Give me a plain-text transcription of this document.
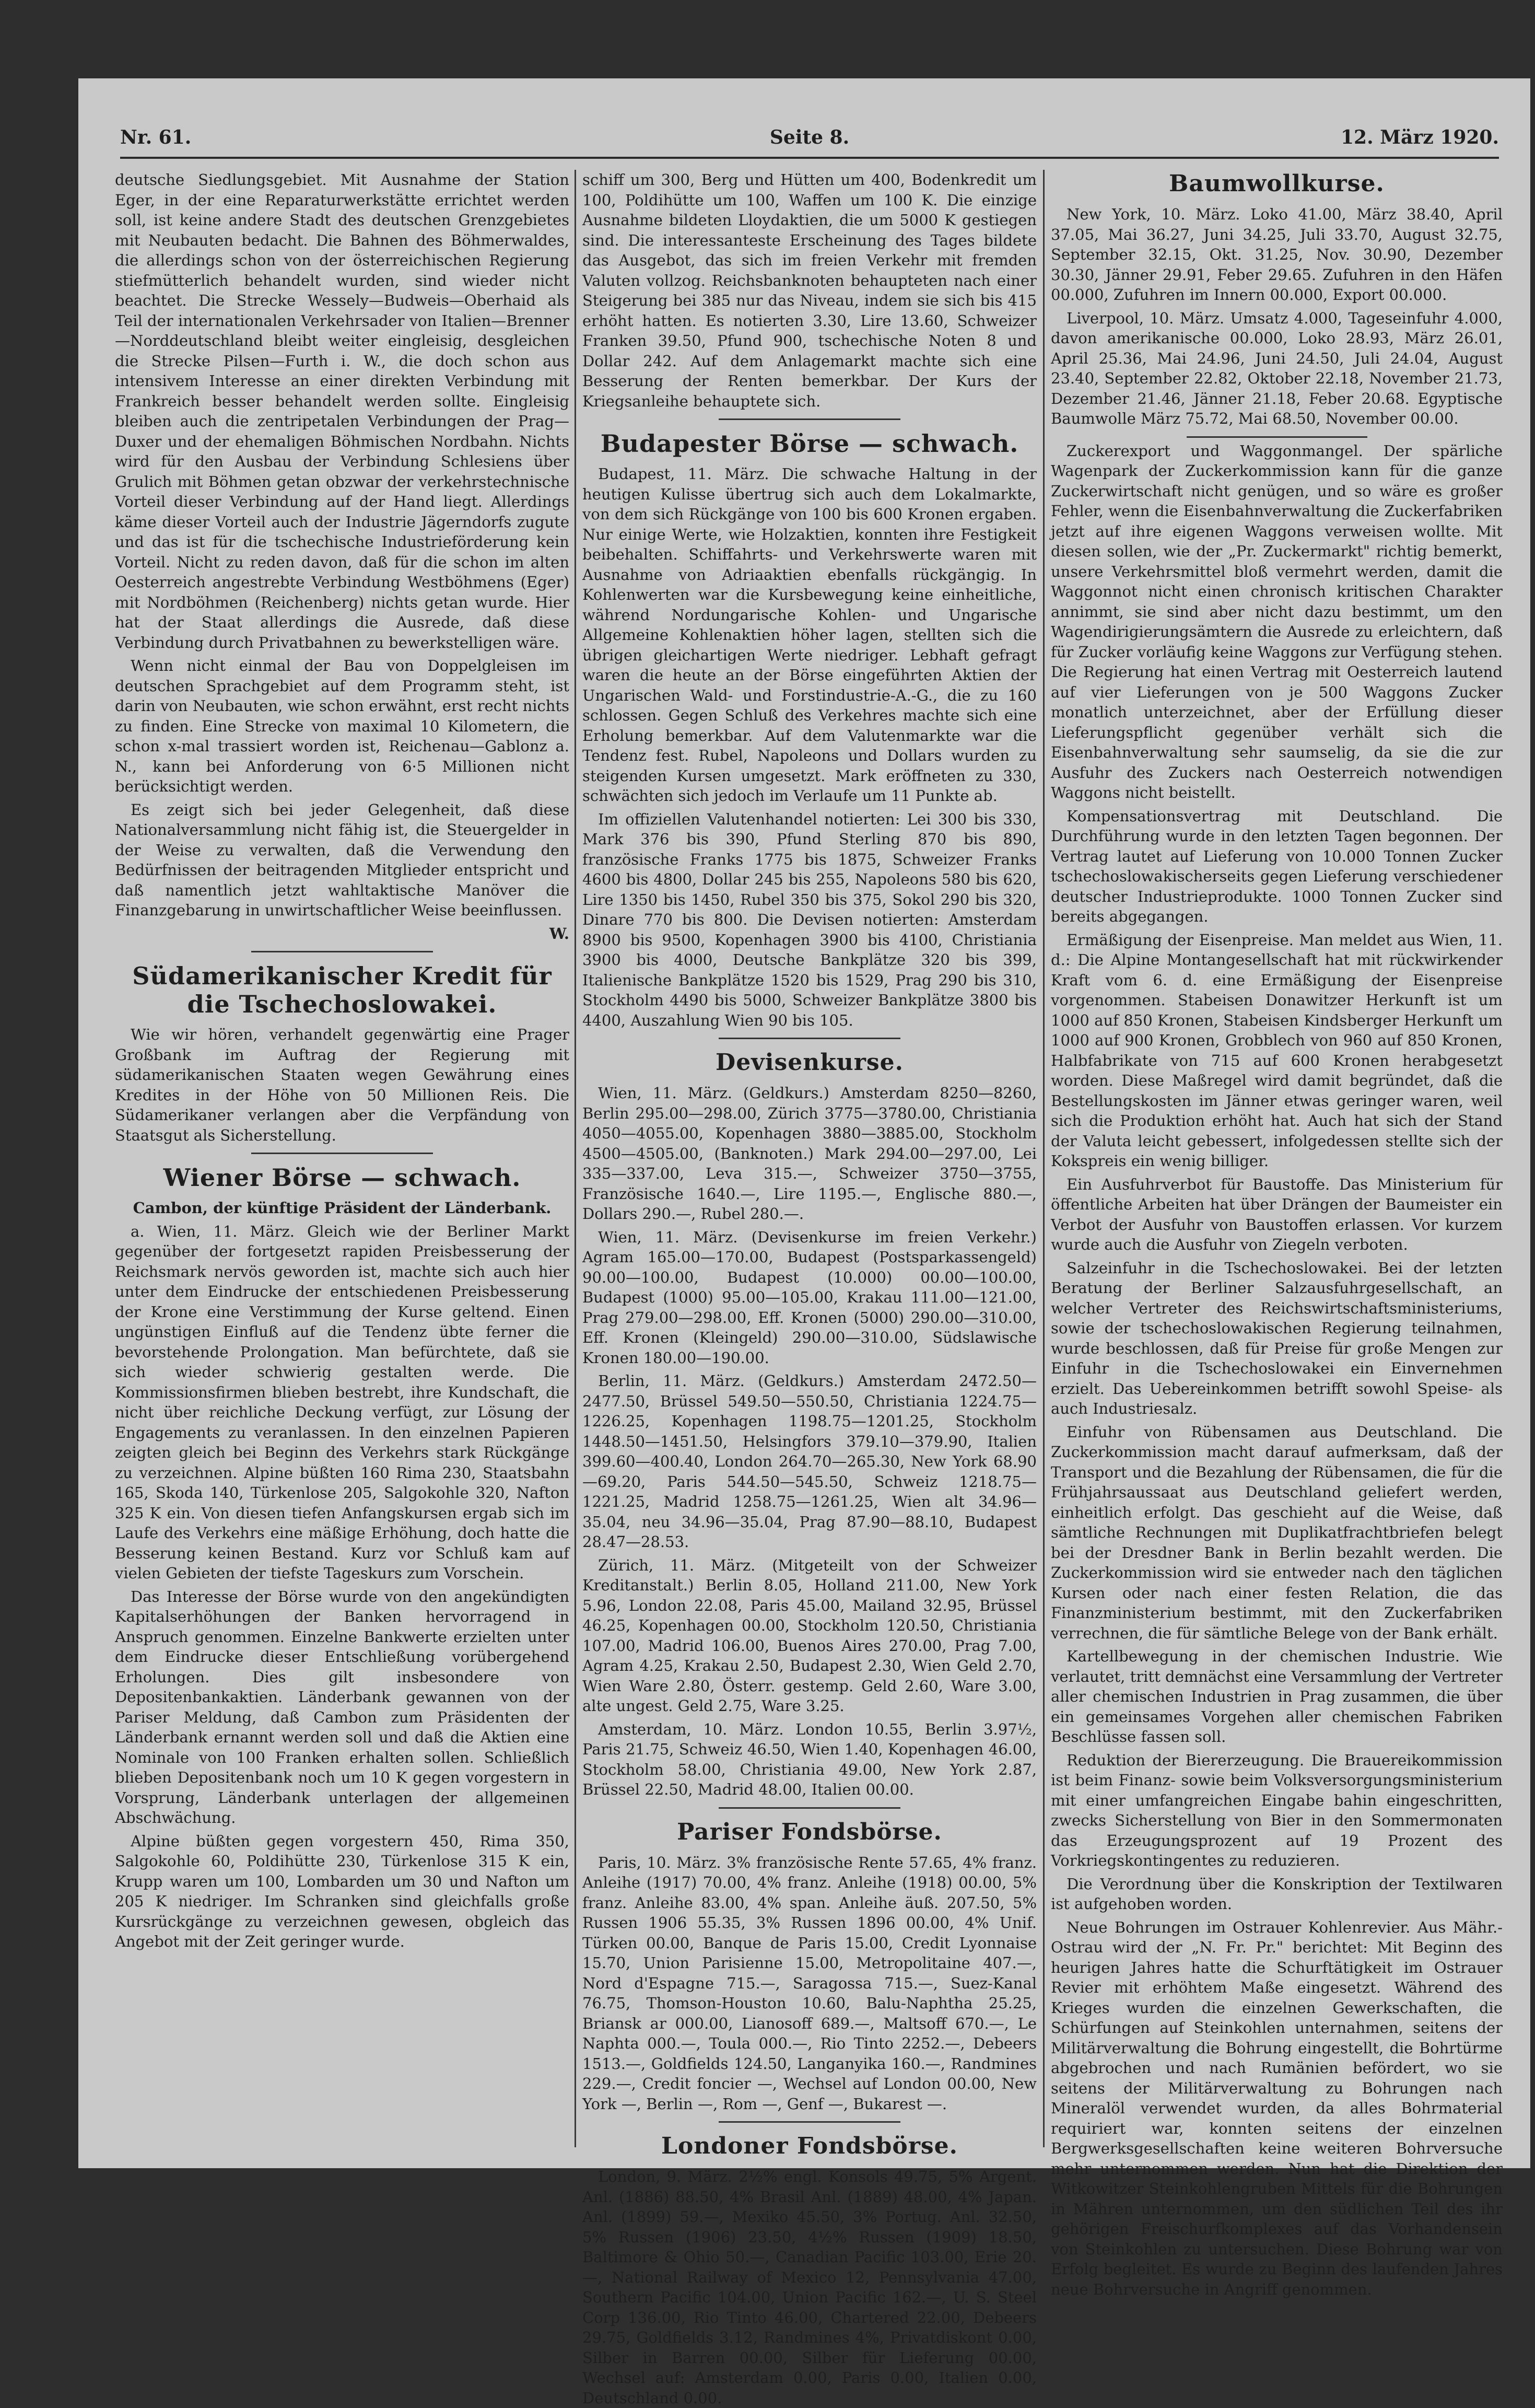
Nr. 61.	Seite 8.	12. März 1920.

deutsche Siedlungsgebiet. Mit Ausnahme der Station Eger, in der eine Reparaturwerkstätte errichtet werden soll, ist keine andere Stadt des deutschen Grenzgebietes mit Neubauten bedacht. Die Bahnen des Böhmerwaldes, die allerdings schon von der österreichischen Regierung stiefmütterlich behandelt wurden, sind wieder nicht beachtet. Die Strecke Wessely—Budweis—Oberhaid als Teil der internationalen Verkehrsader von Italien—Brenner—Norddeutschland bleibt weiter eingleisig, desgleichen die Strecke Pilsen—Furth i. W., die doch schon aus intensivem Interesse an einer direkten Verbindung mit Frankreich besser behandelt werden sollte. Eingleisig bleiben auch die zentripetalen Verbindungen der Prag—Duxer und der ehemaligen Böhmischen Nordbahn. Nichts wird für den Ausbau der Verbindung Schlesiens über Grulich mit Böhmen getan obzwar der verkehrstechnische Vorteil dieser Verbindung auf der Hand liegt. Allerdings käme dieser Vorteil auch der Industrie Jägerndorfs zugute und das ist für die tschechische Industrieförderung kein Vorteil. Nicht zu reden davon, daß für die schon im alten Oesterreich angestrebte Verbindung Westböhmens (Eger) mit Nordböhmen (Reichenberg) nichts getan wurde. Hier hat der Staat allerdings die Ausrede, daß diese Verbindung durch Privatbahnen zu bewerkstelligen wäre.

Wenn nicht einmal der Bau von Doppelgleisen im deutschen Sprachgebiet auf dem Programm steht, ist darin von Neubauten, wie schon erwähnt, erst recht nichts zu finden. Eine Strecke von maximal 10 Kilometern, die schon x-mal trassiert worden ist, Reichenau—Gablonz a. N., kann bei Anforderung von 6·5 Millionen nicht berücksichtigt werden.

Es zeigt sich bei jeder Gelegenheit, daß diese Nationalversammlung nicht fähig ist, die Steuergelder in der Weise zu verwalten, daß die Verwendung den Bedürfnissen der beitragenden Mitglieder entspricht und daß namentlich jetzt wahltaktische Manöver die Finanzgebarung in unwirtschaftlicher Weise beeinflussen.

W.
Südamerikanischer Kredit für die Tschechoslowakei.

Wie wir hören, verhandelt gegenwärtig eine Prager Großbank im Auftrag der Regierung mit südamerikanischen Staaten wegen Gewährung eines Kredites in der Höhe von 50 Millionen Reis. Die Südamerikaner verlangen aber die Verpfändung von Staatsgut als Sicherstellung.

Wiener Börse — schwach.
Cambon, der künftige Präsident der Länderbank.

a. Wien, 11. März. Gleich wie der Berliner Markt gegenüber der fortgesetzt rapiden Preisbesserung der Reichsmark nervös geworden ist, machte sich auch hier unter dem Eindrucke der entschiedenen Preisbesserung der Krone eine Verstimmung der Kurse geltend. Einen ungünstigen Einfluß auf die Tendenz übte ferner die bevorstehende Prolongation. Man befürchtete, daß sie sich wieder schwierig gestalten werde. Die Kommissionsfirmen blieben bestrebt, ihre Kundschaft, die nicht über reichliche Deckung verfügt, zur Lösung der Engagements zu veranlassen. In den einzelnen Papieren zeigten gleich bei Beginn des Verkehrs stark Rückgänge zu verzeichnen. Alpine büßten 160 Rima 230, Staatsbahn 165, Skoda 140, Türkenlose 205, Salgokohle 320, Nafton 325 K ein. Von diesen tiefen Anfangskursen ergab sich im Laufe des Verkehrs eine mäßige Erhöhung, doch hatte die Besserung keinen Bestand. Kurz vor Schluß kam auf vielen Gebieten der tiefste Tageskurs zum Vorschein.

Das Interesse der Börse wurde von den angekündigten Kapitalserhöhungen der Banken hervorragend in Anspruch genommen. Einzelne Bankwerte erzielten unter dem Eindrucke dieser Entschließung vorübergehend Erholungen. Dies gilt insbesondere von Depositenbankaktien. Länderbank gewannen von der Pariser Meldung, daß Cambon zum Präsidenten der Länderbank ernannt werden soll und daß die Aktien eine Nominale von 100 Franken erhalten sollen. Schließlich blieben Depositenbank noch um 10 K gegen vorgestern in Vorsprung, Länderbank unterlagen der allgemeinen Abschwächung.

Alpine büßten gegen vorgestern 450, Rima 350, Salgokohle 60, Poldihütte 230, Türkenlose 315 K ein, Krupp waren um 100, Lombarden um 30 und Nafton um 205 K niedriger. Im Schranken sind gleichfalls große Kursrückgänge zu verzeichnen gewesen, obgleich das Angebot mit der Zeit geringer wurde.

schiff um 300, Berg und Hütten um 400, Bodenkredit um 100, Poldihütte um 100, Waffen um 100 K. Die einzige Ausnahme bildeten Lloydaktien, die um 5000 K gestiegen sind. Die interessanteste Erscheinung des Tages bildete das Ausgebot, das sich im freien Verkehr mit fremden Valuten vollzog. Reichsbanknoten behaupteten nach einer Steigerung bei 385 nur das Niveau, indem sie sich bis 415 erhöht hatten. Es notierten 3.30, Lire 13.60, Schweizer Franken 39.50, Pfund 900, tschechische Noten 8 und Dollar 242. Auf dem Anlagemarkt machte sich eine Besserung der Renten bemerkbar. Der Kurs der Kriegsanleihe behauptete sich.

Budapester Börse — schwach.

Budapest, 11. März. Die schwache Haltung in der heutigen Kulisse übertrug sich auch dem Lokalmarkte, von dem sich Rückgänge von 100 bis 600 Kronen ergaben. Nur einige Werte, wie Holzaktien, konnten ihre Festigkeit beibehalten. Schiffahrts- und Verkehrswerte waren mit Ausnahme von Adriaaktien ebenfalls rückgängig. In Kohlenwerten war die Kursbewegung keine einheitliche, während Nordungarische Kohlen- und Ungarische Allgemeine Kohlenaktien höher lagen, stellten sich die übrigen gleichartigen Werte niedriger. Lebhaft gefragt waren die heute an der Börse eingeführten Aktien der Ungarischen Wald- und Forstindustrie-A.-G., die zu 160 schlossen. Gegen Schluß des Verkehres machte sich eine Erholung bemerkbar. Auf dem Valutenmarkte war die Tendenz fest. Rubel, Napoleons und Dollars wurden zu steigenden Kursen umgesetzt. Mark eröffneten zu 330, schwächten sich jedoch im Verlaufe um 11 Punkte ab.

Im offiziellen Valutenhandel notierten: Lei 300 bis 330, Mark 376 bis 390, Pfund Sterling 870 bis 890, französische Franks 1775 bis 1875, Schweizer Franks 4600 bis 4800, Dollar 245 bis 255, Napoleons 580 bis 620, Lire 1350 bis 1450, Rubel 350 bis 375, Sokol 290 bis 320, Dinare 770 bis 800. Die Devisen notierten: Amsterdam 8900 bis 9500, Kopenhagen 3900 bis 4100, Christiania 3900 bis 4000, Deutsche Bankplätze 320 bis 399, Italienische Bankplätze 1520 bis 1529, Prag 290 bis 310, Stockholm 4490 bis 5000, Schweizer Bankplätze 3800 bis 4400, Auszahlung Wien 90 bis 105.

Devisenkurse.

Wien, 11. März. (Geldkurs.) Amsterdam 8250—8260, Berlin 295.00—298.00, Zürich 3775—3780.00, Christiania 4050—4055.00, Kopenhagen 3880—3885.00, Stockholm 4500—4505.00, (Banknoten.) Mark 294.00—297.00, Lei 335—337.00, Leva 315.—, Schweizer 3750—3755, Französische 1640.—, Lire 1195.—, Englische 880.—, Dollars 290.—, Rubel 280.—.

Wien, 11. März. (Devisenkurse im freien Verkehr.) Agram 165.00—170.00, Budapest (Postsparkassengeld) 90.00—100.00, Budapest (10.000) 00.00—100.00, Budapest (1000) 95.00—105.00, Krakau 111.00—121.00, Prag 279.00—298.00, Eff. Kronen (5000) 290.00—310.00, Eff. Kronen (Kleingeld) 290.00—310.00, Südslawische Kronen 180.00—190.00.

Berlin, 11. März. (Geldkurs.) Amsterdam 2472.50—2477.50, Brüssel 549.50—550.50, Christiania 1224.75—1226.25, Kopenhagen 1198.75—1201.25, Stockholm 1448.50—1451.50, Helsingfors 379.10—379.90, Italien 399.60—400.40, London 264.70—265.30, New York 68.90—69.20, Paris 544.50—545.50, Schweiz 1218.75—1221.25, Madrid 1258.75—1261.25, Wien alt 34.96—35.04, neu 34.96—35.04, Prag 87.90—88.10, Budapest 28.47—28.53.

Zürich, 11. März. (Mitgeteilt von der Schweizer Kreditanstalt.) Berlin 8.05, Holland 211.00, New York 5.96, London 22.08, Paris 45.00, Mailand 32.95, Brüssel 46.25, Kopenhagen 00.00, Stockholm 120.50, Christiania 107.00, Madrid 106.00, Buenos Aires 270.00, Prag 7.00, Agram 4.25, Krakau 2.50, Budapest 2.30, Wien Geld 2.70, Wien Ware 2.80, Österr. gestemp. Geld 2.60, Ware 3.00, alte ungest. Geld 2.75, Ware 3.25.

Amsterdam, 10. März. London 10.55, Berlin 3.97½, Paris 21.75, Schweiz 46.50, Wien 1.40, Kopenhagen 46.00, Stockholm 58.00, Christiania 49.00, New York 2.87, Brüssel 22.50, Madrid 48.00, Italien 00.00.

Pariser Fondsbörse.

Paris, 10. März. 3% französische Rente 57.65, 4% franz. Anleihe (1917) 70.00, 4% franz. Anleihe (1918) 00.00, 5% franz. Anleihe 83.00, 4% span. Anleihe äuß. 207.50, 5% Russen 1906 55.35, 3% Russen 1896 00.00, 4% Unif. Türken 00.00, Banque de Paris 15.00, Credit Lyonnaise 15.70, Union Parisienne 15.00, Metropolitaine 407.—, Nord d'Espagne 715.—, Saragossa 715.—, Suez-Kanal 76.75, Thomson-Houston 10.60, Balu-Naphtha 25.25, Briansk ar 000.00, Lianosoff 689.—, Maltsoff 670.—, Le Naphta 000.—, Toula 000.—, Rio Tinto 2252.—, Debeers 1513.—, Goldfields 124.50, Langanyika 160.—, Randmines 229.—, Credit foncier —, Wechsel auf London 00.00, New York —, Berlin —, Rom —, Genf —, Bukarest —.

Londoner Fondsbörse.

London, 9. März. 2½% engl. Konsols 49.75, 5% Argent. Anl. (1886) 88.50, 4% Brasil Anl. (1889) 48.00, 4% Japan. Anl. (1899) 59.—, Mexiko 45.50, 3% Portug. Anl. 32.50, 5% Russen (1906) 23.50, 4½% Russen (1909) 18.50, Baltimore & Ohio 50.—, Canadian Pacific 103.00, Erie 20.—, National Railway of Mexico 12, Pennsylvania 47.00, Southern Pacific 104.00, Union Pacific 162.—, U. S. Steel Corp 136.00, Rio Tinto 46.00, Chartered 22.00, Debeers 29.75, Goldfields 3.12, Randmines 4%, Privatdiskont 0.00, Silber in Barren 00.00, Silber für Lieferung 00.00, Wechsel auf: Amsterdam 0.00, Paris 0.00, Italien 0.00, Deutschland 0.00.

Baumwollkurse.

New York, 10. März. Loko 41.00, März 38.40, April 37.05, Mai 36.27, Juni 34.25, Juli 33.70, August 32.75, September 32.15, Okt. 31.25, Nov. 30.90, Dezember 30.30, Jänner 29.91, Feber 29.65. Zufuhren in den Häfen 00.000, Zufuhren im Innern 00.000, Export 00.000.

Liverpool, 10. März. Umsatz 4.000, Tageseinfuhr 4.000, davon amerikanische 00.000, Loko 28.93, März 26.01, April 25.36, Mai 24.96, Juni 24.50, Juli 24.04, August 23.40, September 22.82, Oktober 22.18, November 21.73, Dezember 21.46, Jänner 21.18, Feber 20.68. Egyptische Baumwolle März 75.72, Mai 68.50, November 00.00.

Zuckerexport und Waggonmangel. Der spärliche Wagenpark der Zuckerkommission kann für die ganze Zuckerwirtschaft nicht genügen, und so wäre es großer Fehler, wenn die Eisenbahnverwaltung die Zuckerfabriken jetzt auf ihre eigenen Waggons verweisen wollte. Mit diesen sollen, wie der „Pr. Zuckermarkt" richtig bemerkt, unsere Verkehrsmittel bloß vermehrt werden, damit die Waggonnot nicht einen chronisch kritischen Charakter annimmt, sie sind aber nicht dazu bestimmt, um den Wagendirigierungsämtern die Ausrede zu erleichtern, daß für Zucker vorläufig keine Waggons zur Verfügung stehen. Die Regierung hat einen Vertrag mit Oesterreich lautend auf vier Lieferungen von je 500 Waggons Zucker monatlich unterzeichnet, aber der Erfüllung dieser Lieferungspflicht gegenüber verhält sich die Eisenbahnverwaltung sehr saumselig, da sie die zur Ausfuhr des Zuckers nach Oesterreich notwendigen Waggons nicht beistellt.

Kompensationsvertrag mit Deutschland. Die Durchführung wurde in den letzten Tagen begonnen. Der Vertrag lautet auf Lieferung von 10.000 Tonnen Zucker tschechoslowakischerseits gegen Lieferung verschiedener deutscher Industrieprodukte. 1000 Tonnen Zucker sind bereits abgegangen.

Ermäßigung der Eisenpreise. Man meldet aus Wien, 11. d.: Die Alpine Montangesellschaft hat mit rückwirkender Kraft vom 6. d. eine Ermäßigung der Eisenpreise vorgenommen. Stabeisen Donawitzer Herkunft ist um 1000 auf 850 Kronen, Stabeisen Kindsberger Herkunft um 1000 auf 900 Kronen, Grobblech von 960 auf 850 Kronen, Halbfabrikate von 715 auf 600 Kronen herabgesetzt worden. Diese Maßregel wird damit begründet, daß die Bestellungskosten im Jänner etwas geringer waren, weil sich die Produktion erhöht hat. Auch hat sich der Stand der Valuta leicht gebessert, infolgedessen stellte sich der Kokspreis ein wenig billiger.

Ein Ausfuhrverbot für Baustoffe. Das Ministerium für öffentliche Arbeiten hat über Drängen der Baumeister ein Verbot der Ausfuhr von Baustoffen erlassen. Vor kurzem wurde auch die Ausfuhr von Ziegeln verboten.

Salzeinfuhr in die Tschechoslowakei. Bei der letzten Beratung der Berliner Salzausfuhrgesellschaft, an welcher Vertreter des Reichswirtschaftsministeriums, sowie der tschechoslowakischen Regierung teilnahmen, wurde beschlossen, daß für Preise für große Mengen zur Einfuhr in die Tschechoslowakei ein Einvernehmen erzielt. Das Uebereinkommen betrifft sowohl Speise- als auch Industriesalz.

Einfuhr von Rübensamen aus Deutschland. Die Zuckerkommission macht darauf aufmerksam, daß der Transport und die Bezahlung der Rübensamen, die für die Frühjahrsaussaat aus Deutschland geliefert werden, einheitlich erfolgt. Das geschieht auf die Weise, daß sämtliche Rechnungen mit Duplikatfrachtbriefen belegt bei der Dresdner Bank in Berlin bezahlt werden. Die Zuckerkommission wird sie entweder nach den täglichen Kursen oder nach einer festen Relation, die das Finanzministerium bestimmt, mit den Zuckerfabriken verrechnen, die für sämtliche Belege von der Bank erhält.

Kartellbewegung in der chemischen Industrie. Wie verlautet, tritt demnächst eine Versammlung der Vertreter aller chemischen Industrien in Prag zusammen, die über ein gemeinsames Vorgehen aller chemischen Fabriken Beschlüsse fassen soll.

Reduktion der Biererzeugung. Die Brauereikommission ist beim Finanz- sowie beim Volksversorgungsministerium mit einer umfangreichen Eingabe bahin eingeschritten, zwecks Sicherstellung von Bier in den Sommermonaten das Erzeugungsprozent auf 19 Prozent des Vorkriegskontingentes zu reduzieren.

Die Verordnung über die Konskription der Textilwaren ist aufgehoben worden.

Neue Bohrungen im Ostrauer Kohlenrevier. Aus Mähr.-Ostrau wird der „N. Fr. Pr." berichtet: Mit Beginn des heurigen Jahres hatte die Schurftätigkeit im Ostrauer Revier mit erhöhtem Maße eingesetzt. Während des Krieges wurden die einzelnen Gewerkschaften, die Schürfungen auf Steinkohlen unternahmen, seitens der Militärverwaltung die Bohrung eingestellt, die Bohrtürme abgebrochen und nach Rumänien befördert, wo sie seitens der Militärverwaltung zu Bohrungen nach Mineralöl verwendet wurden, da alles Bohrmaterial requiriert war, konnten seitens der einzelnen Bergwerksgesellschaften keine weiteren Bohrversuche mehr unternommen werden. Nun hat die Direktion der Witkowitzer Steinkohlengruben Mittels für die Bohrungen in Mähren unternommen, um den südlichen Teil des ihr gehörigen Freischurfkomplexes auf das Vorhandensein von Steinkohlen zu untersuchen. Diese Bohrung war von Erfolg begleitet. Es wurde zu Beginn des laufenden Jahres neue Bohrversuche in Angriff genommen.
